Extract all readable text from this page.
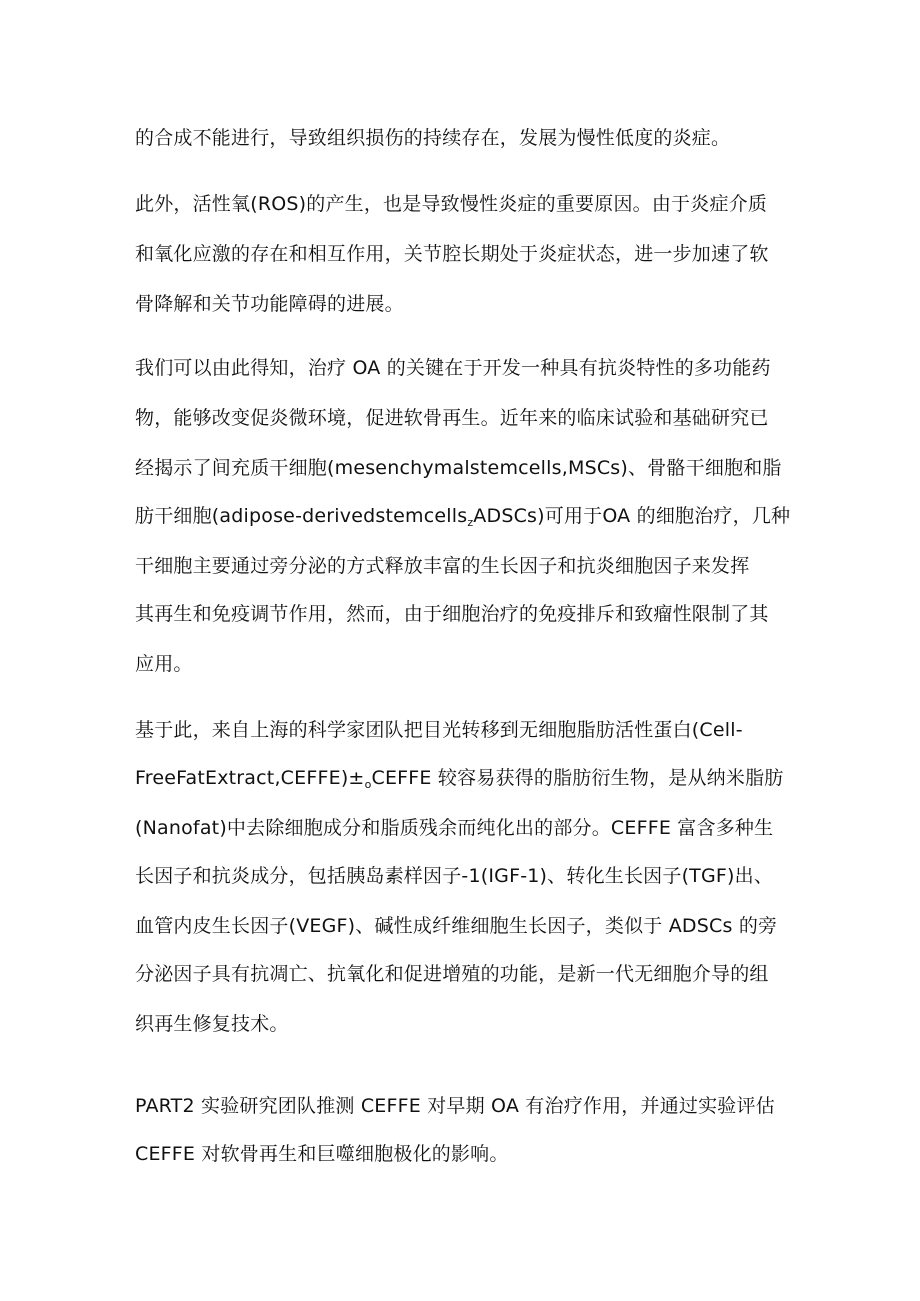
的合成不能进行，导致组织损伤的持续存在，发展为慢性低度的炎症。

此外，活性氧(ROS)的产生，也是导致慢性炎症的重要原因。由于炎症介质

和氧化应激的存在和相互作用，关节腔长期处于炎症状态，进一步加速了软

骨降解和关节功能障碍的进展。

我们可以由此得知，治疗 OA 的关键在于开发一种具有抗炎特性的多功能药

物，能够改变促炎微环境，促进软骨再生。近年来的临床试验和基础研究已

经揭示了间充质干细胞(mesenchymalstemcells,MSCs)、骨骼干细胞和脂

肪干细胞(adipose-derivedstemcells$_z$ADSCs)可用于OA 的细胞治疗，几种

干细胞主要通过旁分泌的方式释放丰富的生长因子和抗炎细胞因子来发挥

其再生和免疫调节作用，然而，由于细胞治疗的免疫排斥和致瘤性限制了其

应用。

基于此，来自上海的科学家团队把目光转移到无细胞脂肪活性蛋白(Cell-

$FreeFatExtract,CEFFE)\pm_oCEFFE$ 较容易获得的脂肪衍生物，是从纳米脂肪

(Nanofat)中去除细胞成分和脂质残余而纯化出的部分。CEFFE 富含多种生

长因子和抗炎成分，包括胰岛素样因子-1(IGF-1)、转化生长因子(TGF)出、

血管内皮生长因子(VEGF)、碱性成纤维细胞生长因子，类似于 ADSCs 的旁

分泌因子具有抗凋亡、抗氧化和促进增殖的功能，是新一代无细胞介导的组

织再生修复技术。

PART2 实验研究团队推测 CEFFE 对早期 OA 有治疗作用，并通过实验评估

CEFFE 对软骨再生和巨噬细胞极化的影响。
